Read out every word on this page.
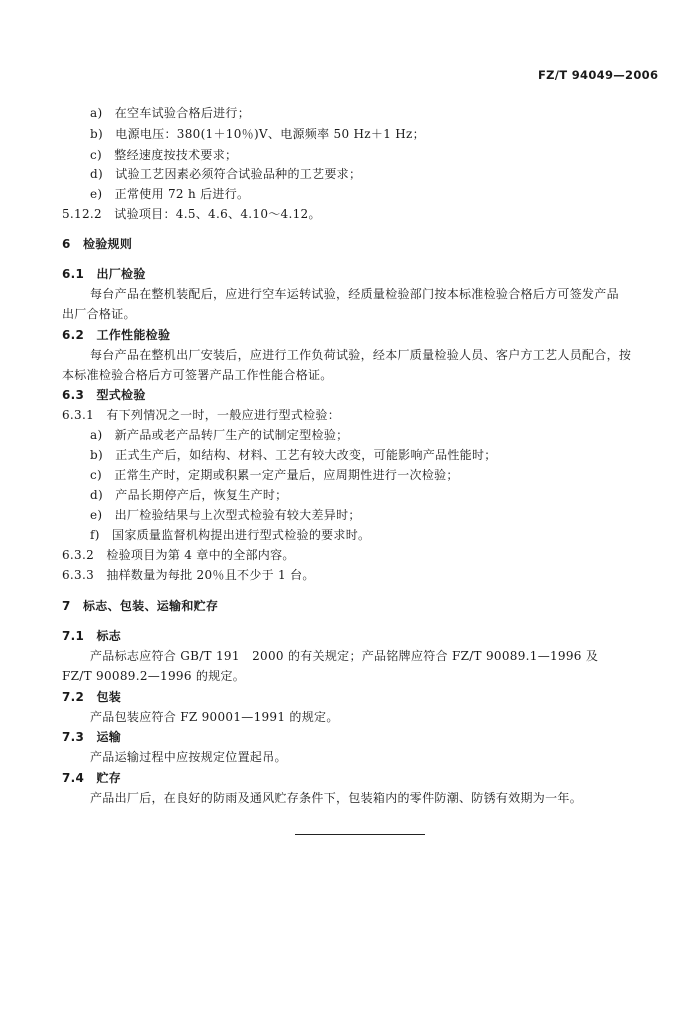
FZ/T 94049—2006
a)　在空车试验合格后进行；
b)　电源电压：380(1＋10％)V、电源频率 50 Hz＋1 Hz；
c)　整经速度按技术要求；
d)　试验工艺因素必须符合试验品种的工艺要求；
e)　正常使用 72 h 后进行。
5.12.2　试验项目：4.5、4.6、4.10～4.12。
6　检验规则
6.1　出厂检验
每台产品在整机装配后，应进行空车运转试验，经质量检验部门按本标准检验合格后方可签发产品
出厂合格证。
6.2　工作性能检验
每台产品在整机出厂安装后，应进行工作负荷试验，经本厂质量检验人员、客户方工艺人员配合，按
本标准检验合格后方可签署产品工作性能合格证。
6.3　型式检验
6.3.1　有下列情况之一时，一般应进行型式检验：
a)　新产品或老产品转厂生产的试制定型检验；
b)　正式生产后，如结构、材料、工艺有较大改变，可能影响产品性能时；
c)　正常生产时，定期或积累一定产量后，应周期性进行一次检验；
d)　产品长期停产后，恢复生产时；
e)　出厂检验结果与上次型式检验有较大差异时；
f)　国家质量监督机构提出进行型式检验的要求时。
6.3.2　检验项目为第 4 章中的全部内容。
6.3.3　抽样数量为每批 20％且不少于 1 台。
7　标志、包装、运输和贮存
7.1　标志
产品标志应符合 GB/T 191　2000 的有关规定；产品铭牌应符合 FZ/T 90089.1—1996 及
FZ/T 90089.2—1996 的规定。
7.2　包装
产品包装应符合 FZ 90001—1991 的规定。
7.3　运输
产品运输过程中应按规定位置起吊。
7.4　贮存
产品出厂后，在良好的防雨及通风贮存条件下，包装箱内的零件防潮、防锈有效期为一年。
